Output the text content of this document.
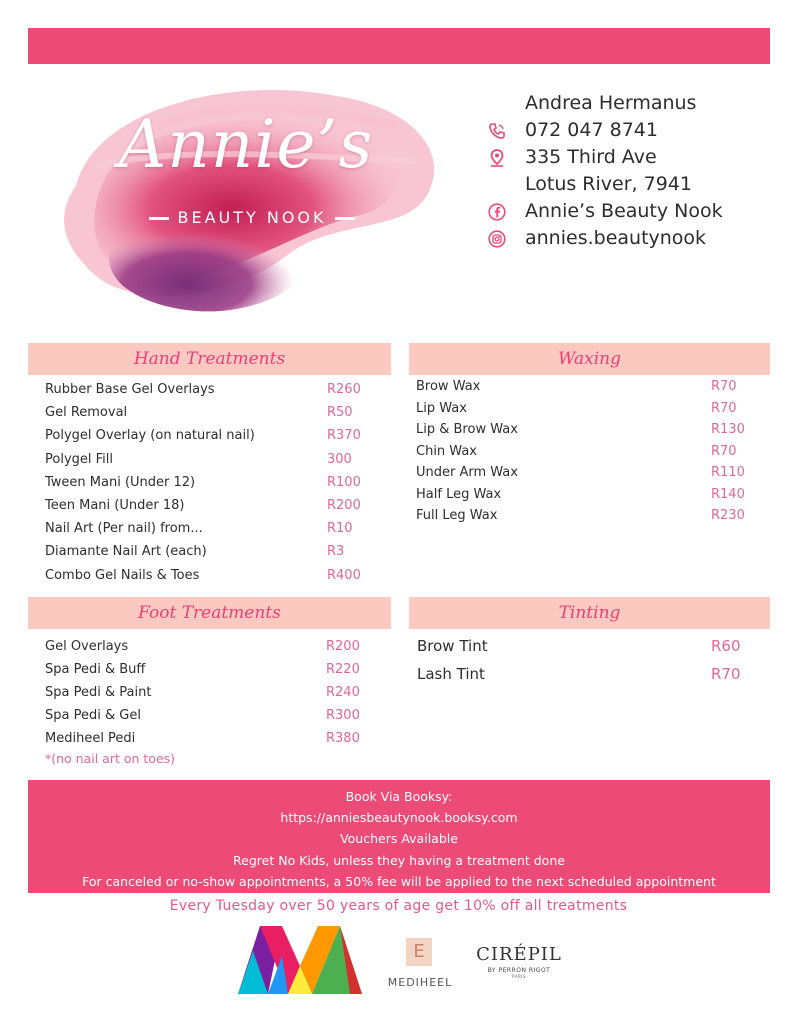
Annie’s
BEAUTY NOOK
Andrea Hermanus
072 047 8741
335 Third Ave
Lotus River, 7941
Annie’s Beauty Nook
annies.beautynook
Hand Treatments
Rubber Base Gel Overlays	R260
Gel Removal	R50
Polygel Overlay (on natural nail)	R370
Polygel Fill	300
Tween Mani (Under 12)	R100
Teen Mani (Under 18)	R200
Nail Art (Per nail) from...	R10
Diamante Nail Art (each)	R3
Combo Gel Nails & Toes	R400
Waxing
Brow Wax	R70
Lip Wax	R70
Lip & Brow Wax	R130
Chin Wax	R70
Under Arm Wax	R110
Half Leg Wax	R140
Full Leg Wax	R230
Foot Treatments
Gel Overlays	R200
Spa Pedi & Buff	R220
Spa Pedi & Paint	R240
Spa Pedi & Gel	R300
Mediheel Pedi	R380
*(no nail art on toes)
Tinting
Brow Tint	R60
Lash Tint	R70
Book Via Booksy:
https://anniesbeautynook.booksy.com
Vouchers Available
Regret No Kids, unless they having a treatment done
For canceled or no-show appointments, a 50% fee will be applied to the next scheduled appointment
Every Tuesday over 50 years of age get 10% off all treatments
E
MEDIHEEL
CIRÉPIL
BY PERRON RIGOT
PARIS
